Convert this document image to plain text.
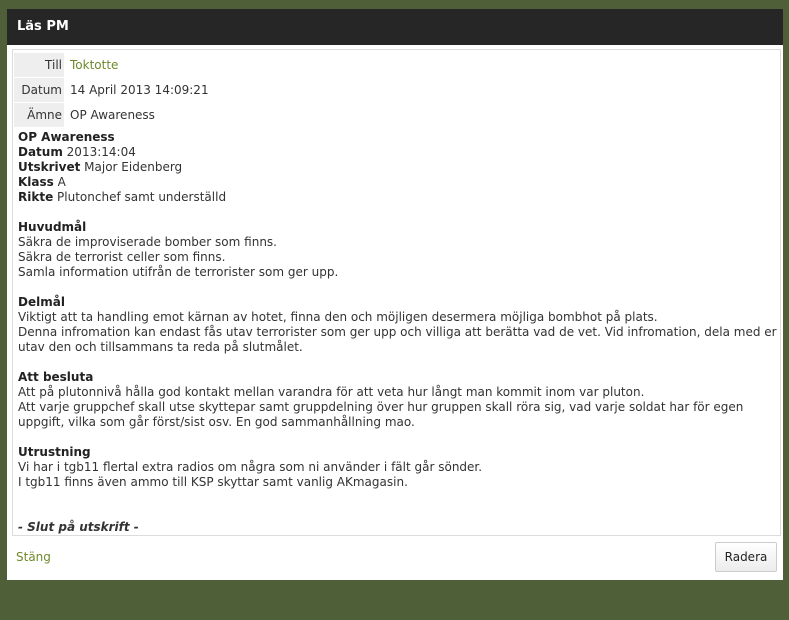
Läs PM
Till	Toktotte
Datum	14 April 2013 14:09:21
Ämne	OP Awareness
OP Awareness
Datum 2013:14:04
Utskrivet Major Eidenberg
Klass A
Rikte Plutonchef samt underställd
Huvudmål
Säkra de improviserade bomber som finns.
Säkra de terrorist celler som finns.
Samla information utifrån de terrorister som ger upp.
Delmål
Viktigt att ta handling emot kärnan av hotet, finna den och möjligen desermera möjliga bombhot på plats.
Denna infromation kan endast fås utav terrorister som ger upp och villiga att berätta vad de vet. Vid infromation, dela med er utav den och tillsammans ta reda på slutmålet.
Att besluta
Att på plutonnivå hålla god kontakt mellan varandra för att veta hur långt man kommit inom var pluton.
Att varje gruppchef skall utse skyttepar samt gruppdelning över hur gruppen skall röra sig, vad varje soldat har för egen uppgift, vilka som går först/sist osv. En god sammanhållning mao.
Utrustning
Vi har i tgb11 flertal extra radios om några som ni använder i fält går sönder.
I tgb11 finns även ammo till KSP skyttar samt vanlig AKmagasin.
- Slut på utskrift -
Stäng	Radera
